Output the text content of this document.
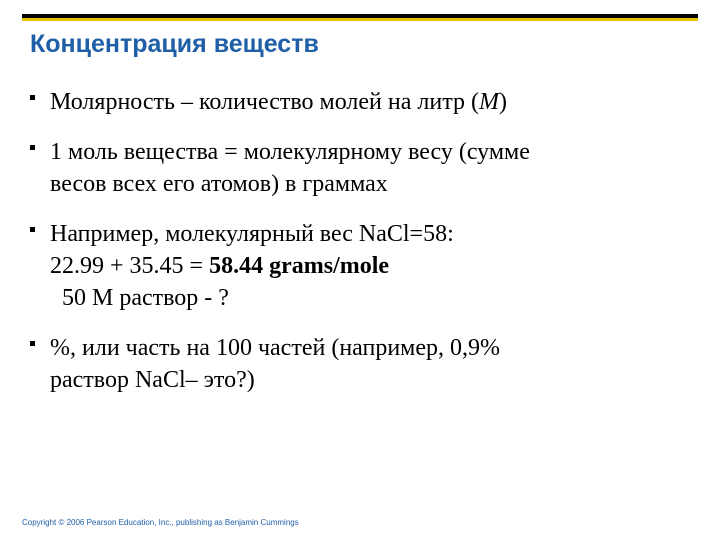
Концентрация веществ
Молярность – количество молей на литр (M)
1 моль вещества = молекулярному весу (сумме
весов всех его атомов) в граммах
Например, молекулярный вес NaCl=58:
22.99 + 35.45 = 58.44 grams/mole
50 M раствор - ?
%, или часть на 100 частей (например, 0,9%
раствор NaCl– это?)
Copyright © 2006 Pearson Education, Inc., publishing as Benjamin Cummings
